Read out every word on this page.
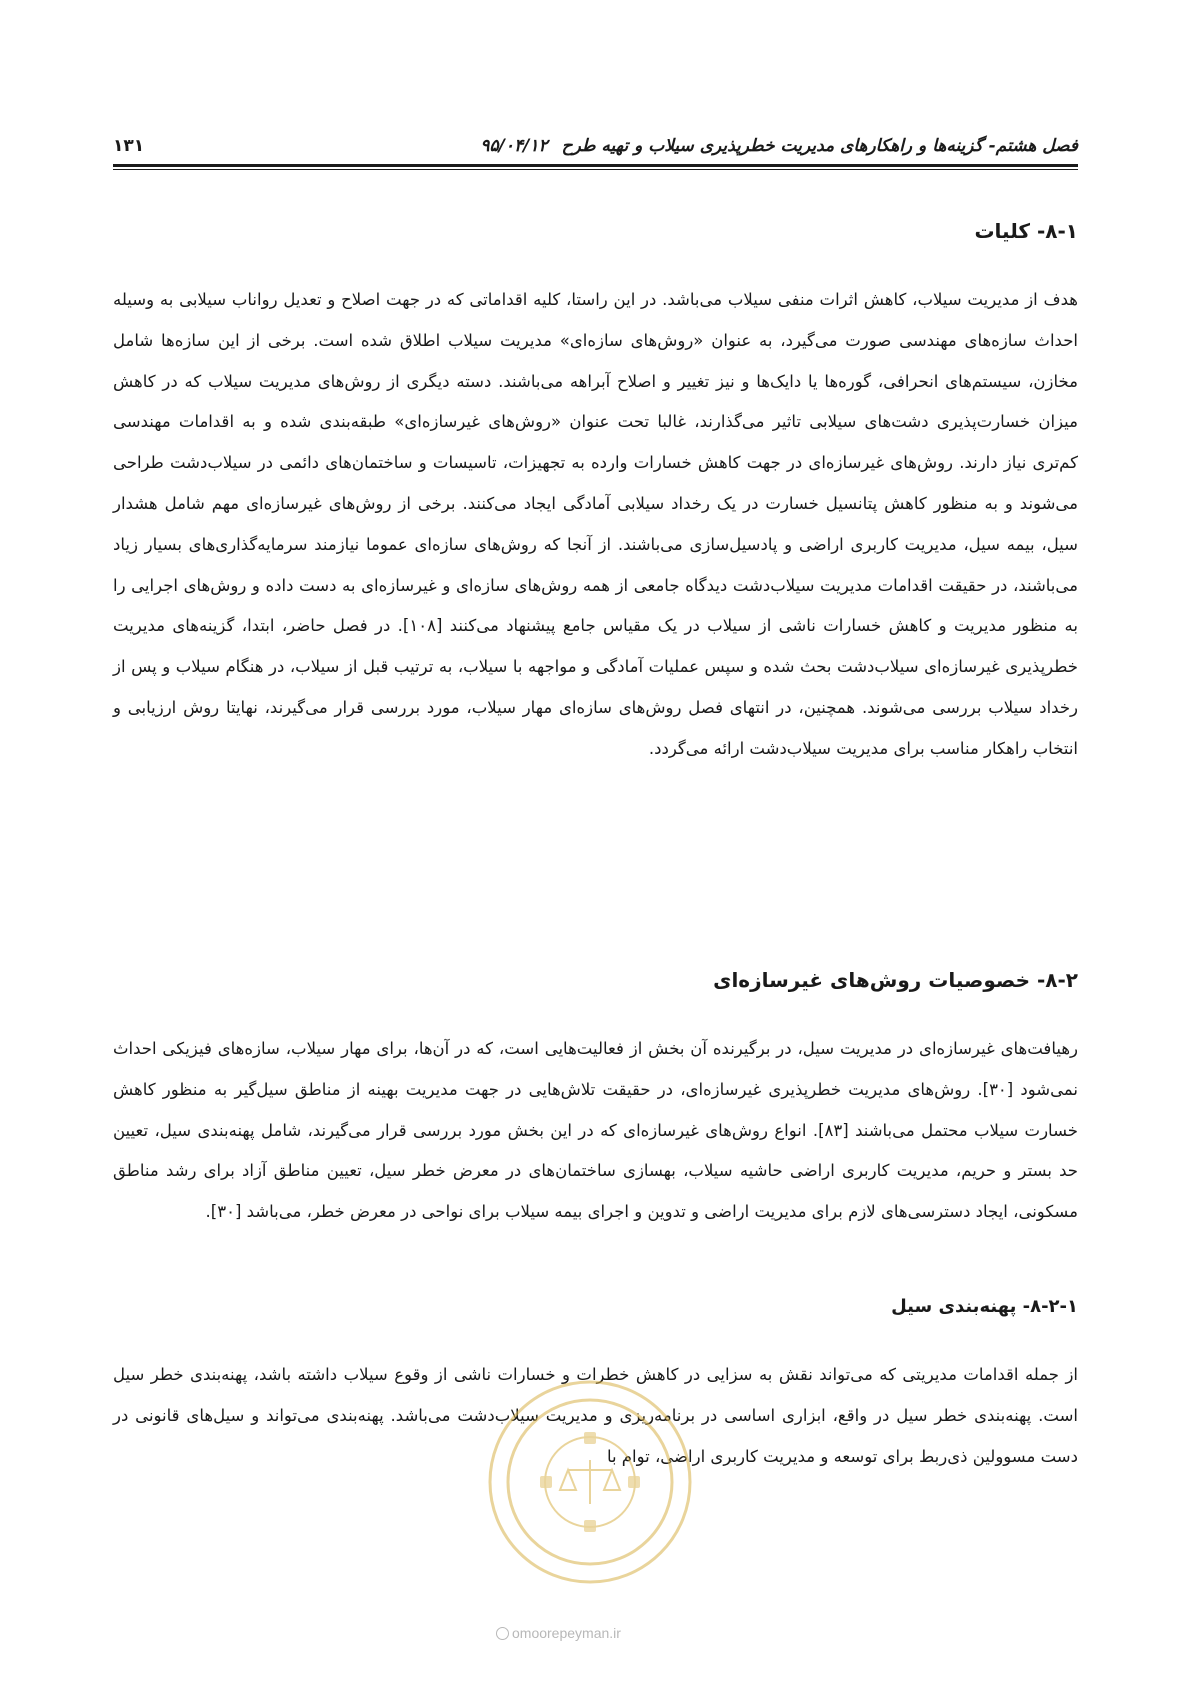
فصل هشتم- گزینه‌ها و راهکارهای مدیریت خطرپذیری سیلاب و تهیه طرح۹۵/۰۴/۱۲
۱۳۱
۸-۱- کلیات

هدف از مدیریت سیلاب، کاهش اثرات منفی سیلاب می‌باشد. در این راستا، کلیه اقداماتی که در جهت اصلاح و تعدیل رواناب سیلابی به وسیله احداث سازه‌های مهندسی صورت می‌گیرد، به عنوان «روش‌های سازه‌ای» مدیریت سیلاب اطلاق شده است. برخی از این سازه‌ها شامل مخازن، سیستم‌های انحرافی، گوره‌ها یا دایک‌ها و نیز تغییر و اصلاح آبراهه می‌باشند. دسته دیگری از روش‌های مدیریت سیلاب که در کاهش میزان خسارت‌پذیری دشت‌های سیلابی تاثیر می‌گذارند، غالبا تحت عنوان «روش‌های غیرسازه‌ای» طبقه‌بندی شده و به اقدامات مهندسی کم‌تری نیاز دارند. روش‌های غیرسازه‌ای در جهت کاهش خسارات وارده به تجهیزات، تاسیسات و ساختمان‌های دائمی در سیلاب‌دشت طراحی می‌شوند و به منظور کاهش پتانسیل خسارت در یک رخداد سیلابی آمادگی ایجاد می‌کنند. برخی از روش‌های غیرسازه‌ای مهم شامل هشدار سیل، بیمه سیل، مدیریت کاربری اراضی و پادسیل‌سازی می‌باشند. از آنجا که روش‌های سازه‌ای عموما نیازمند سرمایه‌گذاری‌های بسیار زیاد می‌باشند، در حقیقت اقدامات مدیریت سیلاب‌دشت دیدگاه جامعی از همه روش‌های سازه‌ای و غیرسازه‌ای به دست داده و روش‌های اجرایی را به منظور مدیریت و کاهش خسارات ناشی از سیلاب در یک مقیاس جامع پیشنهاد می‌کنند [۱۰۸]. در فصل حاضر، ابتدا، گزینه‌های مدیریت خطرپذیری غیرسازه‌ای سیلاب‌دشت بحث شده و سپس عملیات آمادگی و مواجهه با سیلاب، به ترتیب قبل از سیلاب، در هنگام سیلاب و پس از رخداد سیلاب بررسی می‌شوند. همچنین، در انتهای فصل روش‌های سازه‌ای مهار سیلاب، مورد بررسی قرار می‌گیرند، نهایتا روش ارزیابی و انتخاب راهکار مناسب برای مدیریت سیلاب‌دشت ارائه می‌گردد.

۸-۲- خصوصیات روش‌های غیرسازه‌ای

رهیافت‌های غیرسازه‌ای در مدیریت سیل، در برگیرنده آن بخش از فعالیت‌هایی است، که در آن‌ها، برای مهار سیلاب، سازه‌های فیزیکی احداث نمی‌شود [۳۰]. روش‌های مدیریت خطرپذیری غیرسازه‌ای، در حقیقت تلاش‌هایی در جهت مدیریت بهینه از مناطق سیل‌گیر به منظور کاهش خسارت سیلاب محتمل می‌باشند [۸۳]. انواع روش‌های غیرسازه‌ای که در این بخش مورد بررسی قرار می‌گیرند، شامل پهنه‌بندی سیل، تعیین حد بستر و حریم، مدیریت کاربری اراضی حاشیه سیلاب، بهسازی ساختمان‌های در معرض خطر سیل، تعیین مناطق آزاد برای رشد مناطق مسکونی، ایجاد دسترسی‌های لازم برای مدیریت اراضی و تدوین و اجرای بیمه سیلاب برای نواحی در معرض خطر، می‌باشد [۳۰].

۸-۲-۱- پهنه‌بندی سیل

از جمله اقدامات مدیریتی که می‌تواند نقش به سزایی در کاهش خطرات و خسارات ناشی از وقوع سیلاب داشته باشد، پهنه‌بندی خطر سیل است. پهنه‌بندی خطر سیل در واقع، ابزاری اساسی در برنامه‌ریزی و مدیریت سیلاب‌دشت می‌باشد. پهنه‌بندی می‌تواند و سیل‌های قانونی در دست مسوولین ذی‌ربط برای توسعه و مدیریت کاربری اراضی، توام با

omoorepeyman.ir
